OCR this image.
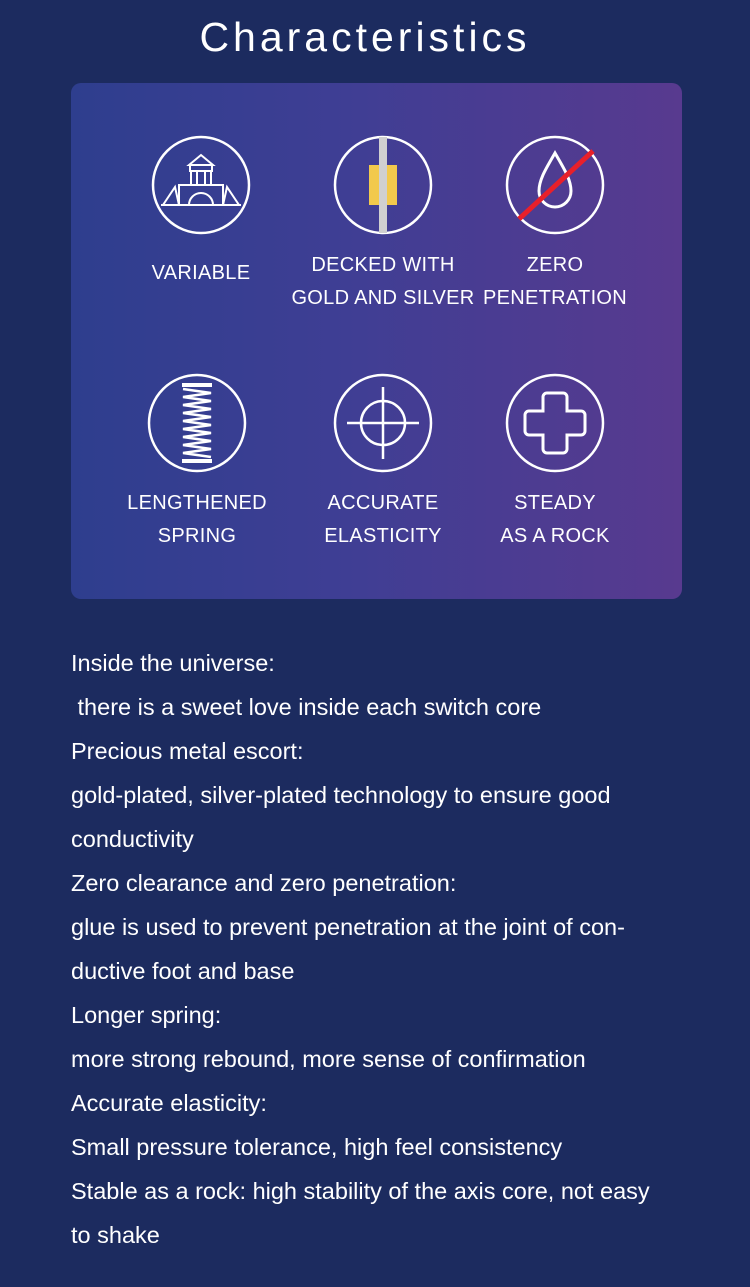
Characteristics
VARIABLE	DECKED WITH
GOLD AND SILVER
ZERO
PENETRATION
LENGTHENED
SPRING
ACCURATE
ELASTICITY
STEADY
AS A ROCK
Inside the universe:
there is a sweet love inside each switch core
Precious metal escort:
gold-plated, silver-plated technology to ensure good
conductivity
Zero clearance and zero penetration:
glue is used to prevent penetration at the joint of con-
ductive foot and base
Longer spring:
more strong rebound, more sense of confirmation
Accurate elasticity:
Small pressure tolerance, high feel consistency
Stable as a rock: high stability of the axis core, not easy
to shake
